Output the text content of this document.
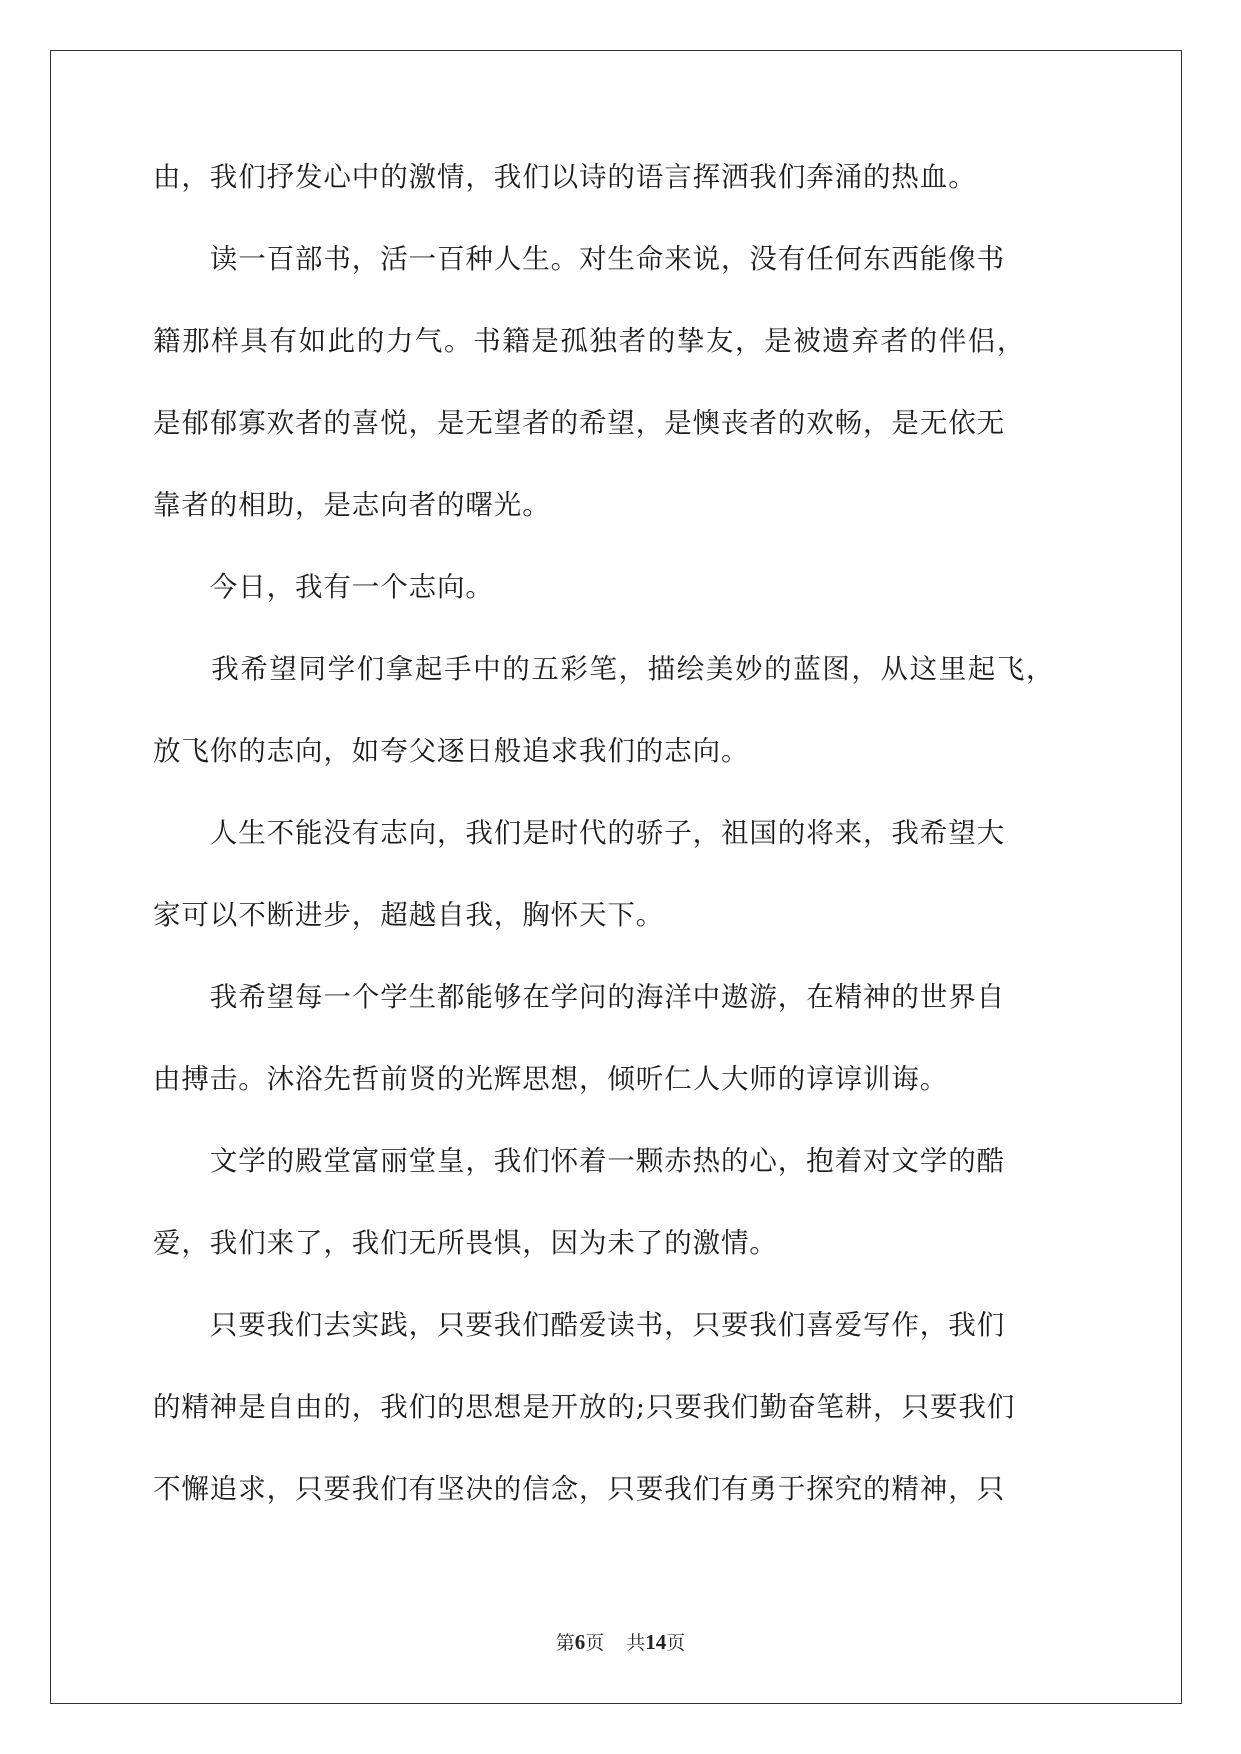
由，我们抒发心中的激情，我们以诗的语言挥洒我们奔涌的热血。
　　读一百部书，活一百种人生。对生命来说，没有任何东西能像书
籍那样具有如此的力气。书籍是孤独者的挚友，是被遗弃者的伴侣，
是郁郁寡欢者的喜悦，是无望者的希望，是懊丧者的欢畅，是无依无
靠者的相助，是志向者的曙光。
　　今日，我有一个志向。
　　我希望同学们拿起手中的五彩笔，描绘美妙的蓝图，从这里起飞，
放飞你的志向，如夸父逐日般追求我们的志向。
　　人生不能没有志向，我们是时代的骄子，祖国的将来，我希望大
家可以不断进步，超越自我，胸怀天下。
　　我希望每一个学生都能够在学问的海洋中遨游，在精神的世界自
由搏击。沐浴先哲前贤的光辉思想，倾听仁人大师的谆谆训诲。
　　文学的殿堂富丽堂皇，我们怀着一颗赤热的心，抱着对文学的酷
爱，我们来了，我们无所畏惧，因为未了的激情。
　　只要我们去实践，只要我们酷爱读书，只要我们喜爱写作，我们
的精神是自由的，我们的思想是开放的;只要我们勤奋笔耕，只要我们
不懈追求，只要我们有坚决的信念，只要我们有勇于探究的精神，只
第6页 共14页
